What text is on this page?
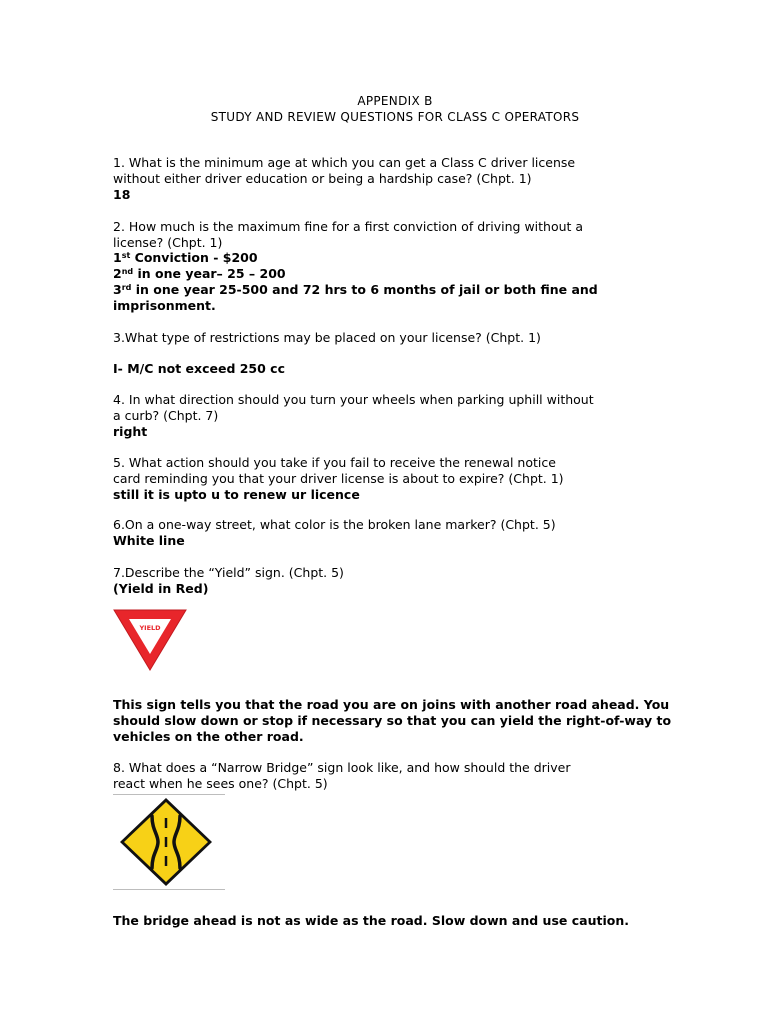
APPENDIX B
STUDY AND REVIEW QUESTIONS FOR CLASS C OPERATORS
1. What is the minimum age at which you can get a Class C driver license
without either driver education or being a hardship case? (Chpt. 1)
18
2. How much is the maximum fine for a first conviction of driving without a
license? (Chpt. 1)
1st Conviction - $200
2nd in one year– 25 – 200
3rd in one year 25-500 and 72 hrs to 6 months of jail or both fine and
imprisonment.
3.What type of restrictions may be placed on your license? (Chpt. 1)
I- M/C not exceed 250 cc
4. In what direction should you turn your wheels when parking uphill without
a curb? (Chpt. 7)
right
5. What action should you take if you fail to receive the renewal notice
card reminding you that your driver license is about to expire? (Chpt. 1)
still it is upto u to renew ur licence
6.On a one-way street, what color is the broken lane marker? (Chpt. 5)
White line
7.Describe the “Yield” sign. (Chpt. 5)
(Yield in Red)
YIELD
This sign tells you that the road you are on joins with another road ahead. You
should slow down or stop if necessary so that you can yield the right-of-way to
vehicles on the other road.
8. What does a “Narrow Bridge” sign look like, and how should the driver
react when he sees one? (Chpt. 5)
The bridge ahead is not as wide as the road. Slow down and use caution.
